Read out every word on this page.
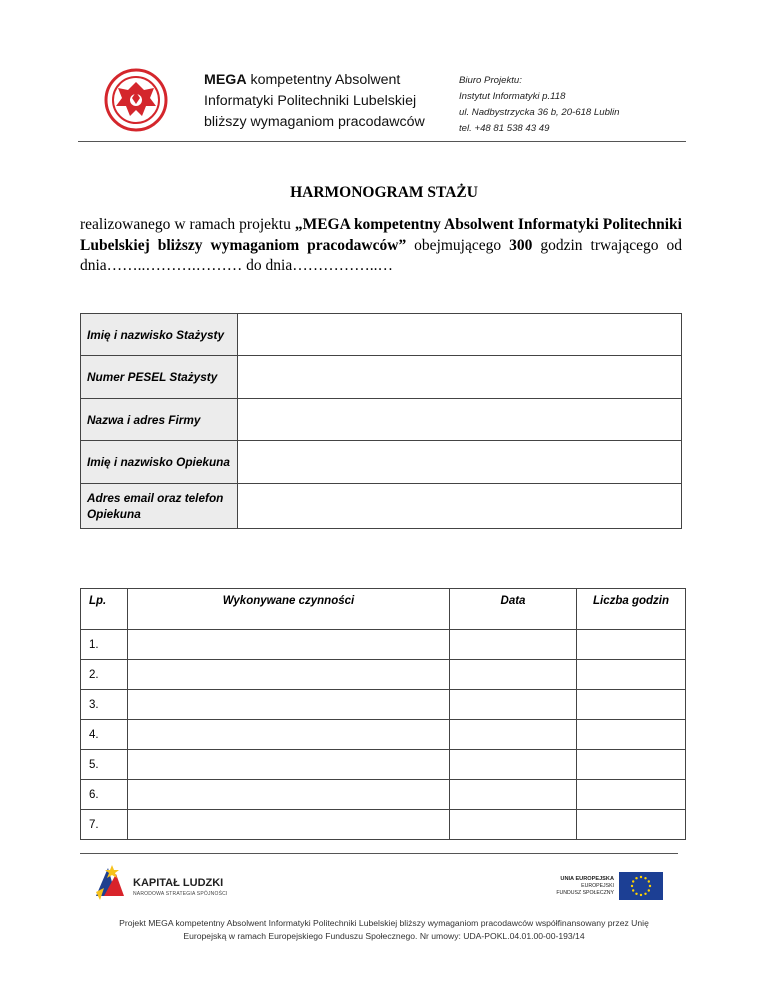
MEGA kompetentny Absolwent
Informatyki Politechniki Lubelskiej
bliższy wymaganiom pracodawców
Biuro Projektu:
Instytut Informatyki p.118
ul. Nadbystrzycka 36 b, 20-618 Lublin
tel. +48 81 538 43 49
HARMONOGRAM STAŻU
realizowanego w ramach projektu „MEGA kompetentny Absolwent Informatyki Politechniki Lubelskiej bliższy wymaganiom pracodawców” obejmującego 300 godzin trwającego od dnia……..……….……… do dnia……………..…
Imię i nazwisko Stażysty	
Numer PESEL Stażysty	
Nazwa i adres Firmy	
Imię i nazwisko Opiekuna	
Adres email oraz telefon Opiekuna	
Lp.	Wykonywane czynności	Data	Liczba godzin
1.			
2.			
3.			
4.			
5.			
6.			
7.			
KAPITAŁ LUDZKI
NARODOWA STRATEGIA SPÓJNOŚCI
UNIA EUROPEJSKA
EUROPEJSKI
FUNDUSZ SPOŁECZNY
Projekt MEGA kompetentny Absolwent Informatyki Politechniki Lubelskiej bliższy wymaganiom pracodawców współfinansowany przez Unię
Europejską w ramach Europejskiego Funduszu Społecznego. Nr umowy: UDA-POKL.04.01.00-00-193/14
